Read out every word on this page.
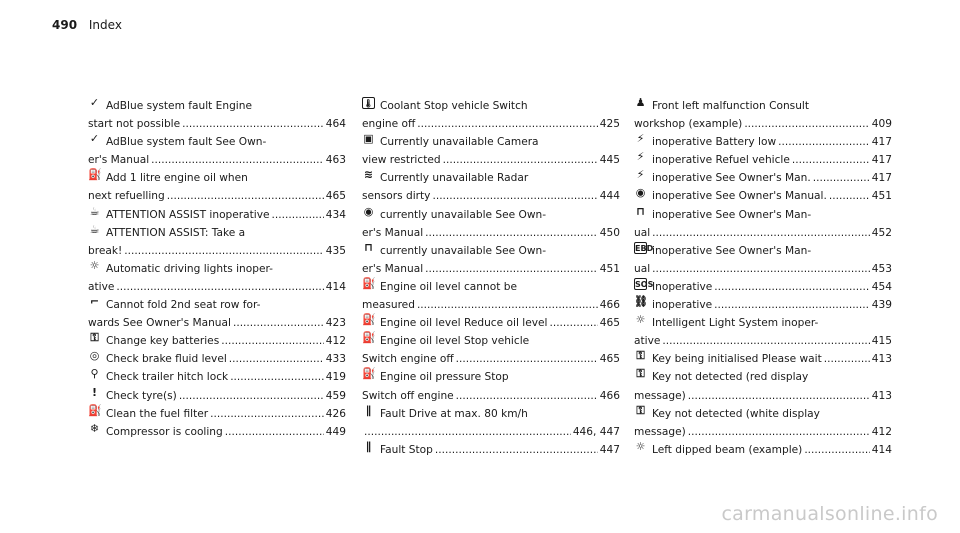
490 Index
✓ AdBlue system fault Engine
start not possible .....	464
✓ AdBlue system fault See Own-
er's Manual .....	463
⛽ Add 1 litre engine oil when
next refuelling .....	465
☕ ATTENTION ASSIST inoperative .....	434
☕ ATTENTION ASSIST: Take a
break! .....	435
☼ Automatic driving lights inoper-
ative .....	414
⌐ Cannot fold 2nd seat row for-
wards See Owner's Manual .....	423
⚿ Change key batteries .....	412
◎ Check brake fluid level .....	433
⚲ Check trailer hitch lock .....	419
! Check tyre(s) .....	459
⛽ Clean the fuel filter .....	426
❄ Compressor is cooling .....	449
🌡 Coolant Stop vehicle Switch
engine off .....	425
▣ Currently unavailable Camera
view restricted .....	445
≋ Currently unavailable Radar
sensors dirty .....	444
◉ currently unavailable See Own-
er's Manual .....	450
⊓ currently unavailable See Own-
er's Manual .....	451
⛽ Engine oil level cannot be
measured .....	466
⛽ Engine oil level Reduce oil level .....	465
⛽ Engine oil level Stop vehicle
Switch engine off .....	465
⛽ Engine oil pressure Stop
Switch off engine .....	466
∥ Fault Drive at max. 80 km/h
.....
446, 447
∥ Fault Stop .....	447
♟ Front left malfunction Consult
workshop (example) .....	409
⚡ inoperative Battery low .....	417
⚡ inoperative Refuel vehicle .....	417
⚡ inoperative See Owner's Man. .....	417
◉ inoperative See Owner's Manual. .....	451
⊓ inoperative See Owner's Man-
ual .....	452
EBD
inoperative See Owner's Man-
ual .....	453
SOS
Inoperative .....	454
⛓ inoperative .....	439
☼ Intelligent Light System inoper-
ative .....	415
⚿ Key being initialised Please wait .....	413
⚿ Key not detected (red display
message) .....	413
⚿ Key not detected (white display
message) .....	412
☼ Left dipped beam (example) .....	414
carmanualsonline.info
